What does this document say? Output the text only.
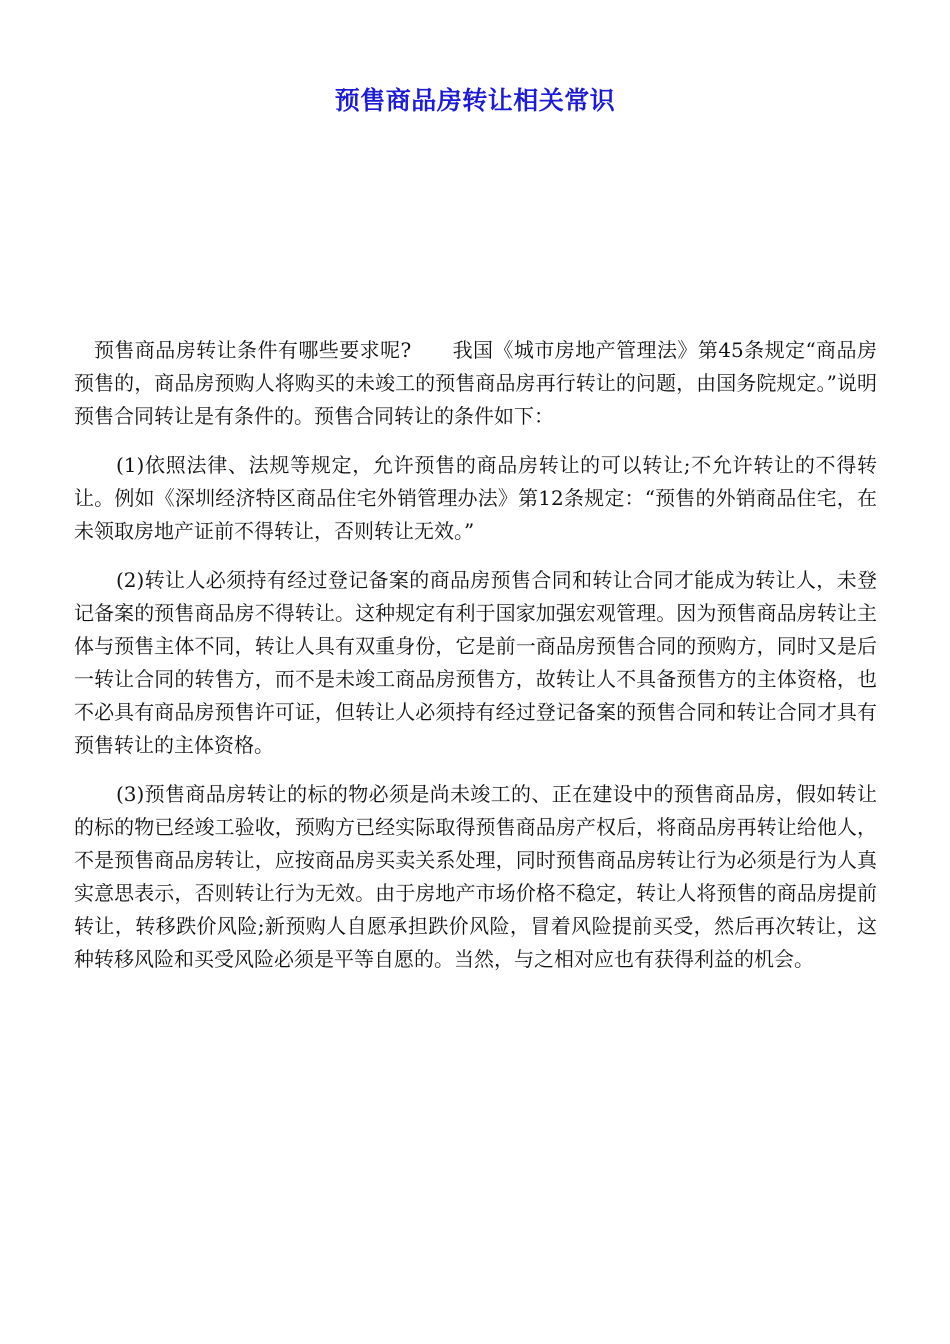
预售商品房转让相关常识

预售商品房转让条件有哪些要求呢?　　我国《城市房地产管理法》第45条规定“商品房预售的，商品房预购人将购买的未竣工的预售商品房再行转让的问题，由国务院规定。”说明预售合同转让是有条件的。预售合同转让的条件如下：

(1)依照法律、法规等规定，允许预售的商品房转让的可以转让;不允许转让的不得转让。例如《深圳经济特区商品住宅外销管理办法》第12条规定：“预售的外销商品住宅，在未领取房地产证前不得转让，否则转让无效。”

(2)转让人必须持有经过登记备案的商品房预售合同和转让合同才能成为转让人，未登记备案的预售商品房不得转让。这种规定有利于国家加强宏观管理。因为预售商品房转让主体与预售主体不同，转让人具有双重身份，它是前一商品房预售合同的预购方，同时又是后一转让合同的转售方，而不是未竣工商品房预售方，故转让人不具备预售方的主体资格，也不必具有商品房预售许可证，但转让人必须持有经过登记备案的预售合同和转让合同才具有预售转让的主体资格。

(3)预售商品房转让的标的物必须是尚未竣工的、正在建设中的预售商品房，假如转让的标的物已经竣工验收，预购方已经实际取得预售商品房产权后，将商品房再转让给他人，不是预售商品房转让，应按商品房买卖关系处理，同时预售商品房转让行为必须是行为人真实意思表示，否则转让行为无效。由于房地产市场价格不稳定，转让人将预售的商品房提前转让，转移跌价风险;新预购人自愿承担跌价风险，冒着风险提前买受，然后再次转让，这种转移风险和买受风险必须是平等自愿的。当然，与之相对应也有获得利益的机会。
